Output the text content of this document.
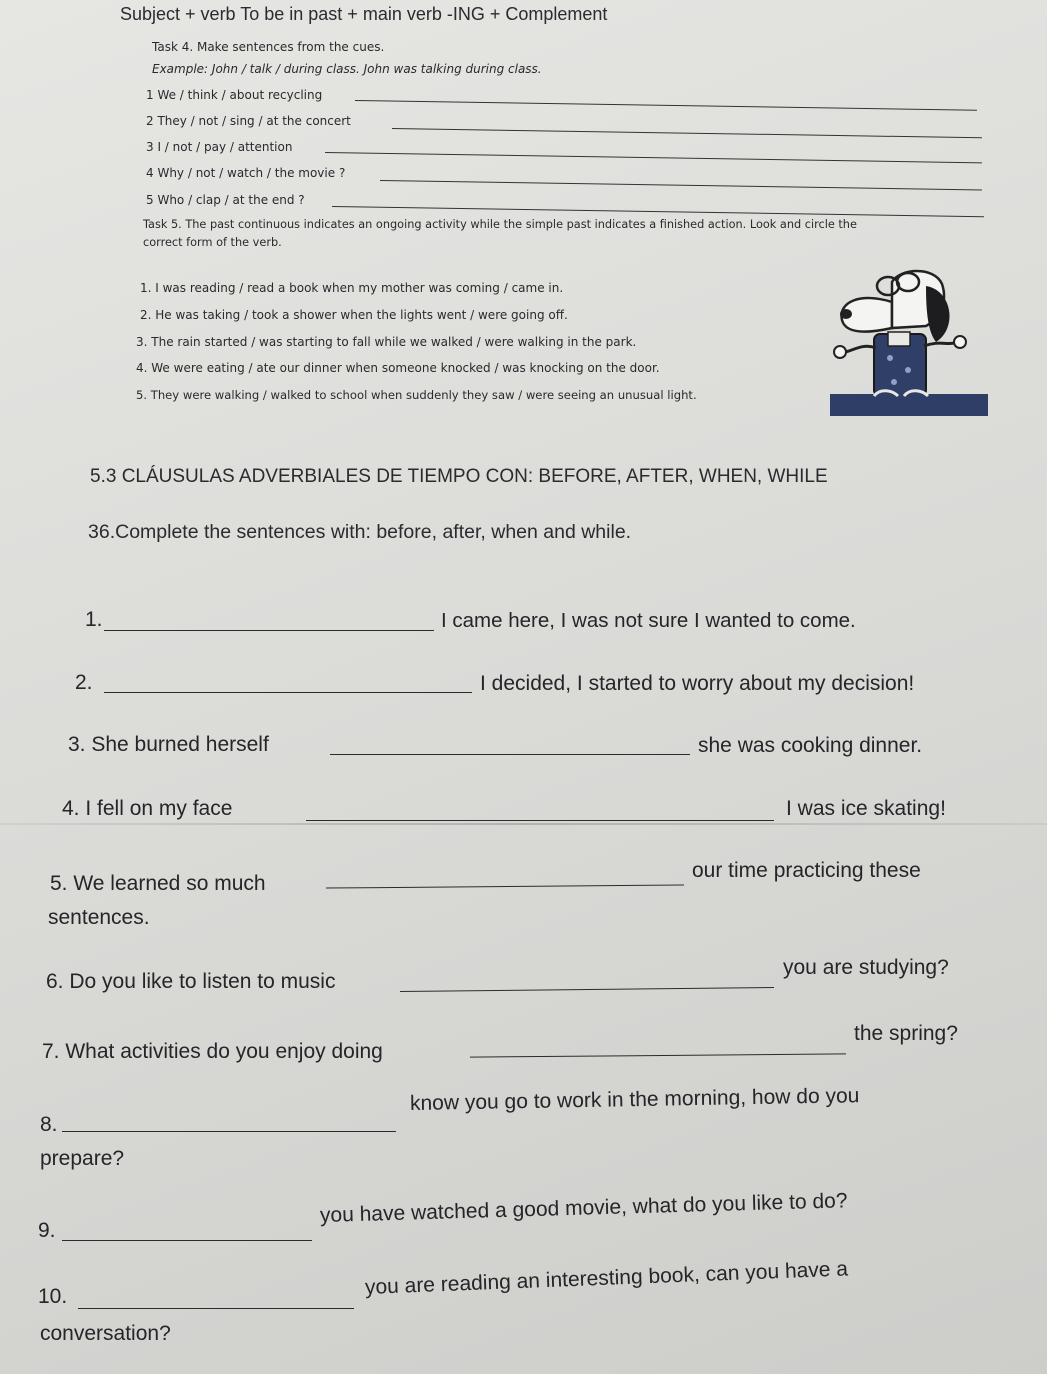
Subject + verb To be in past + main verb -ING + Complement
Task 4. Make sentences from the cues.
Example: John / talk / during class. John was talking during class.
1 We / think / about recycling
2 They / not / sing / at the concert
3 I / not / pay / attention
4 Why / not / watch / the movie ?
5 Who / clap / at the end ?
Task 5. The past continuous indicates an ongoing activity while the simple past indicates a finished action. Look and circle the
correct form of the verb.
1. I was reading / read a book when my mother was coming / came in.
2. He was taking / took a shower when the lights went / were going off.
3. The rain started / was starting to fall while we walked / were walking in the park.
4. We were eating / ate our dinner when someone knocked / was knocking on the door.
5. They were walking / walked to school when suddenly they saw / were seeing an unusual light.
5.3 CLÁUSULAS ADVERBIALES DE TIEMPO CON: BEFORE, AFTER, WHEN, WHILE
36.Complete the sentences with: before, after, when and while.
1.	I came here, I was not sure I wanted to come.
2.	I decided, I started to worry about my decision!
3. She burned herself	she was cooking dinner.
4. I fell on my face	I was ice skating!
5. We learned so much
our time practicing these
sentences.
6. Do you like to listen to music
you are studying?
7. What activities do you enjoy doing
the spring?
8.
know you go to work in the morning, how do you
prepare?
9.
you have watched a good movie, what do you like to do?
10.	you are reading an interesting book, can you have a
conversation?
